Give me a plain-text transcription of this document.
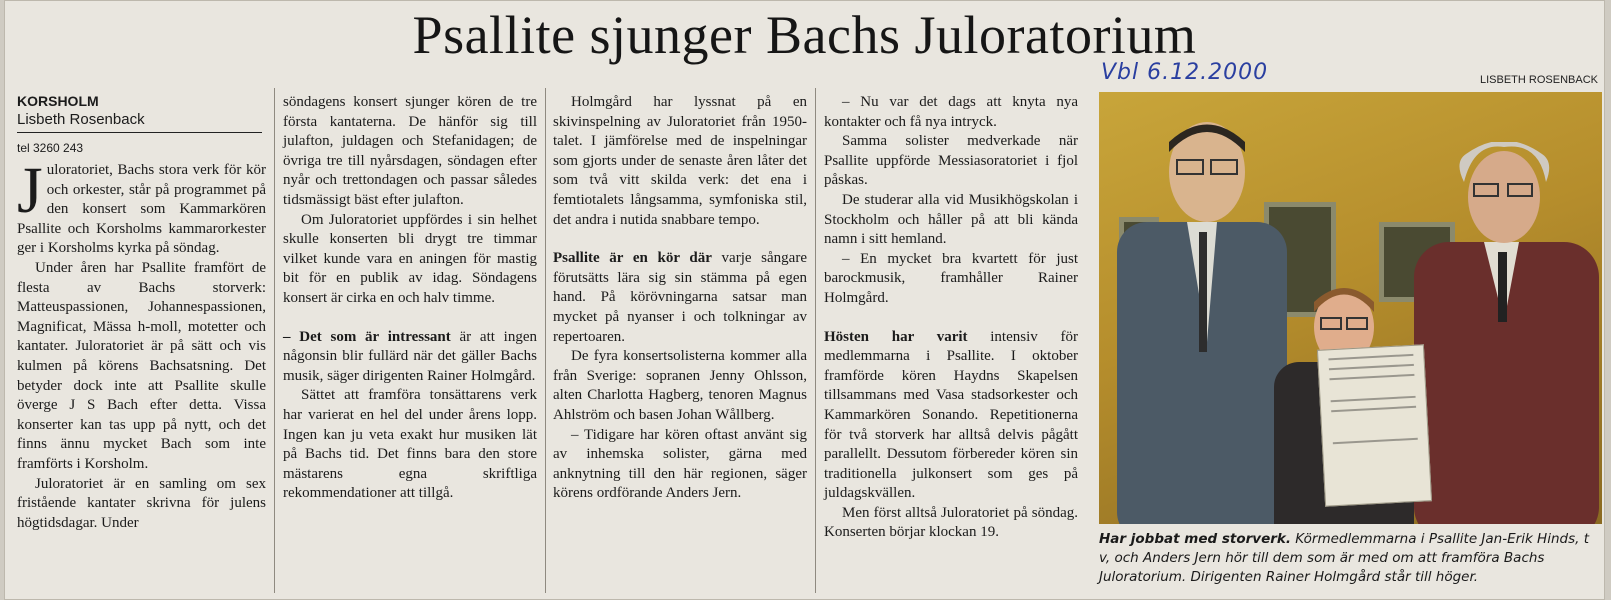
Psallite sjunger Bachs Juloratorium
Vbl 6.12.2000	LISBETH ROSENBACK
KORSHOLM
Lisbeth Rosenback
tel 3260 243

Juloratoriet, Bachs stora verk för kör och orkester, står på programmet på den konsert som Kammarkören Psallite och Korsholms kammarorkester ger i Korsholms kyrka på söndag.

Under åren har Psallite framfört de flesta av Bachs storverk: Matteuspassionen, Johannespassionen, Magnificat, Mässa h-moll, motetter och kantater. Juloratoriet är på sätt och vis kulmen på körens Bachsatsning. Det betyder dock inte att Psallite skulle överge J S Bach efter detta. Vissa konserter kan tas upp på nytt, och det finns ännu mycket Bach som inte framförts i Korsholm.

Juloratoriet är en samling om sex fristående kantater skrivna för julens högtidsdagar. Under

söndagens konsert sjunger kören de tre första kantaterna. De hänför sig till julafton, juldagen och Stefanidagen; de övriga tre till nyårsdagen, söndagen efter nyår och trettondagen och passar således tidsmässigt bäst efter julafton.

Om Juloratoriet uppfördes i sin helhet skulle konserten bli drygt tre timmar vilket kunde vara en aningen för mastig bit för en publik av idag. Söndagens konsert är cirka en och halv timme.

– Det som är intressant är att ingen någonsin blir fullärd när det gäller Bachs musik, säger dirigenten Rainer Holmgård.

Sättet att framföra tonsättarens verk har varierat en hel del under årens lopp. Ingen kan ju veta exakt hur musiken lät på Bachs tid. Det finns bara den store mästarens egna skriftliga rekommendationer att tillgå.

Holmgård har lyssnat på en skivinspelning av Juloratoriet från 1950-talet. I jämförelse med de inspelningar som gjorts under de senaste åren låter det som två vitt skilda verk: det ena i femtiotalets långsamma, symfoniska stil, det andra i nutida snabbare tempo.

Psallite är en kör där varje sångare förutsätts lära sig sin stämma på egen hand. På körövningarna satsar man mycket på nyanser i och tolkningar av repertoaren.

De fyra konsertsolisterna kommer alla från Sverige: sopranen Jenny Ohlsson, alten Charlotta Hagberg, tenoren Magnus Ahlström och basen Johan Wållberg.

– Tidigare har kören oftast använt sig av inhemska solister, gärna med anknytning till den här regionen, säger körens ordförande Anders Jern.

– Nu var det dags att knyta nya kontakter och få nya intryck.

Samma solister medverkade när Psallite uppförde Messiasoratoriet i fjol påskas.

De studerar alla vid Musikhögskolan i Stockholm och håller på att bli kända namn i sitt hemland.

– En mycket bra kvartett för just barockmusik, framhåller Rainer Holmgård.

Hösten har varit intensiv för medlemmarna i Psallite. I oktober framförde kören Haydns Skapelsen tillsammans med Vasa stadsorkester och Kammarkören Sonando. Repetitionerna för två storverk har alltså delvis pågått parallellt. Dessutom förbereder kören sin traditionella julkonsert som ges på juldagskvällen.

Men först alltså Juloratoriet på söndag. Konserten börjar klockan 19.	Har jobbat med storverk. Körmedlemmarna i Psallite Jan-Erik Hinds, t v, och Anders Jern hör till dem som är med om att framföra Bachs Juloratorium. Dirigenten Rainer Holmgård står till höger.
